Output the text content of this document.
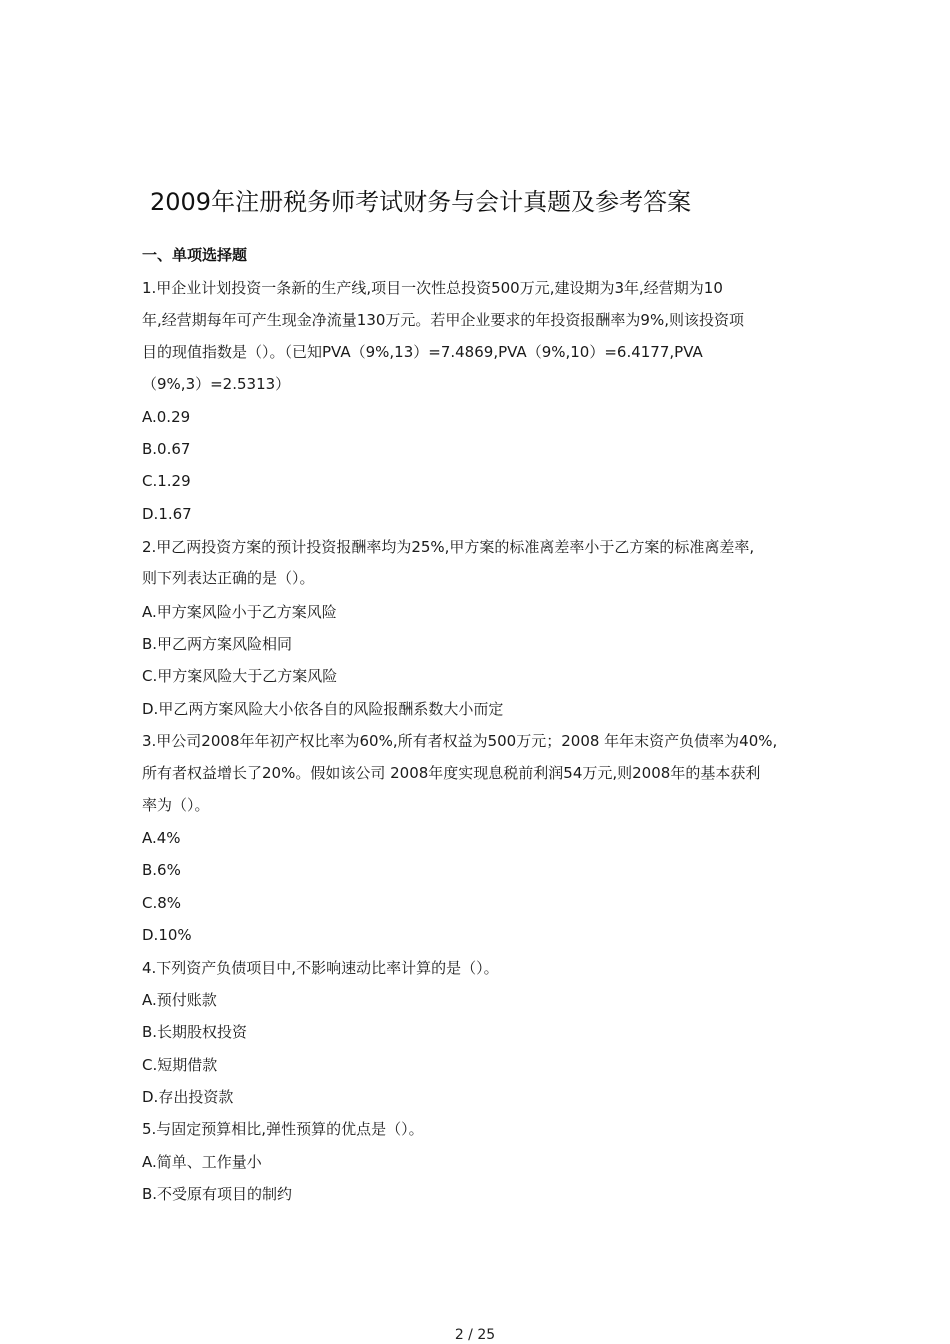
2009年注册税务师考试财务与会计真题及参考答案
一、单项选择题
1.甲企业计划投资一条新的生产线,项目一次性总投资500万元,建设期为3年,经营期为10
年,经营期每年可产生现金净流量130万元。若甲企业要求的年投资报酬率为9%,则该投资项
目的现值指数是（）。（已知PVA（9%,13）=7.4869,PVA（9%,10）=6.4177,PVA
（9%,3）=2.5313）
A.0.29
B.0.67
C.1.29
D.1.67
2.甲乙两投资方案的预计投资报酬率均为25%,甲方案的标准离差率小于乙方案的标准离差率,
则下列表达正确的是（）。
A.甲方案风险小于乙方案风险
B.甲乙两方案风险相同
C.甲方案风险大于乙方案风险
D.甲乙两方案风险大小依各自的风险报酬系数大小而定
3.甲公司2008年年初产权比率为60%,所有者权益为500万元；2008 年年末资产负债率为40%,
所有者权益增长了20%。假如该公司 2008年度实现息税前利润54万元,则2008年的基本获利
率为（）。
A.4%
B.6%
C.8%
D.10%
4.下列资产负债项目中,不影响速动比率计算的是（）。
A.预付账款
B.长期股权投资
C.短期借款
D.存出投资款
5.与固定预算相比,弹性预算的优点是（）。
A.简单、工作量小
B.不受原有项目的制约
2 / 25
